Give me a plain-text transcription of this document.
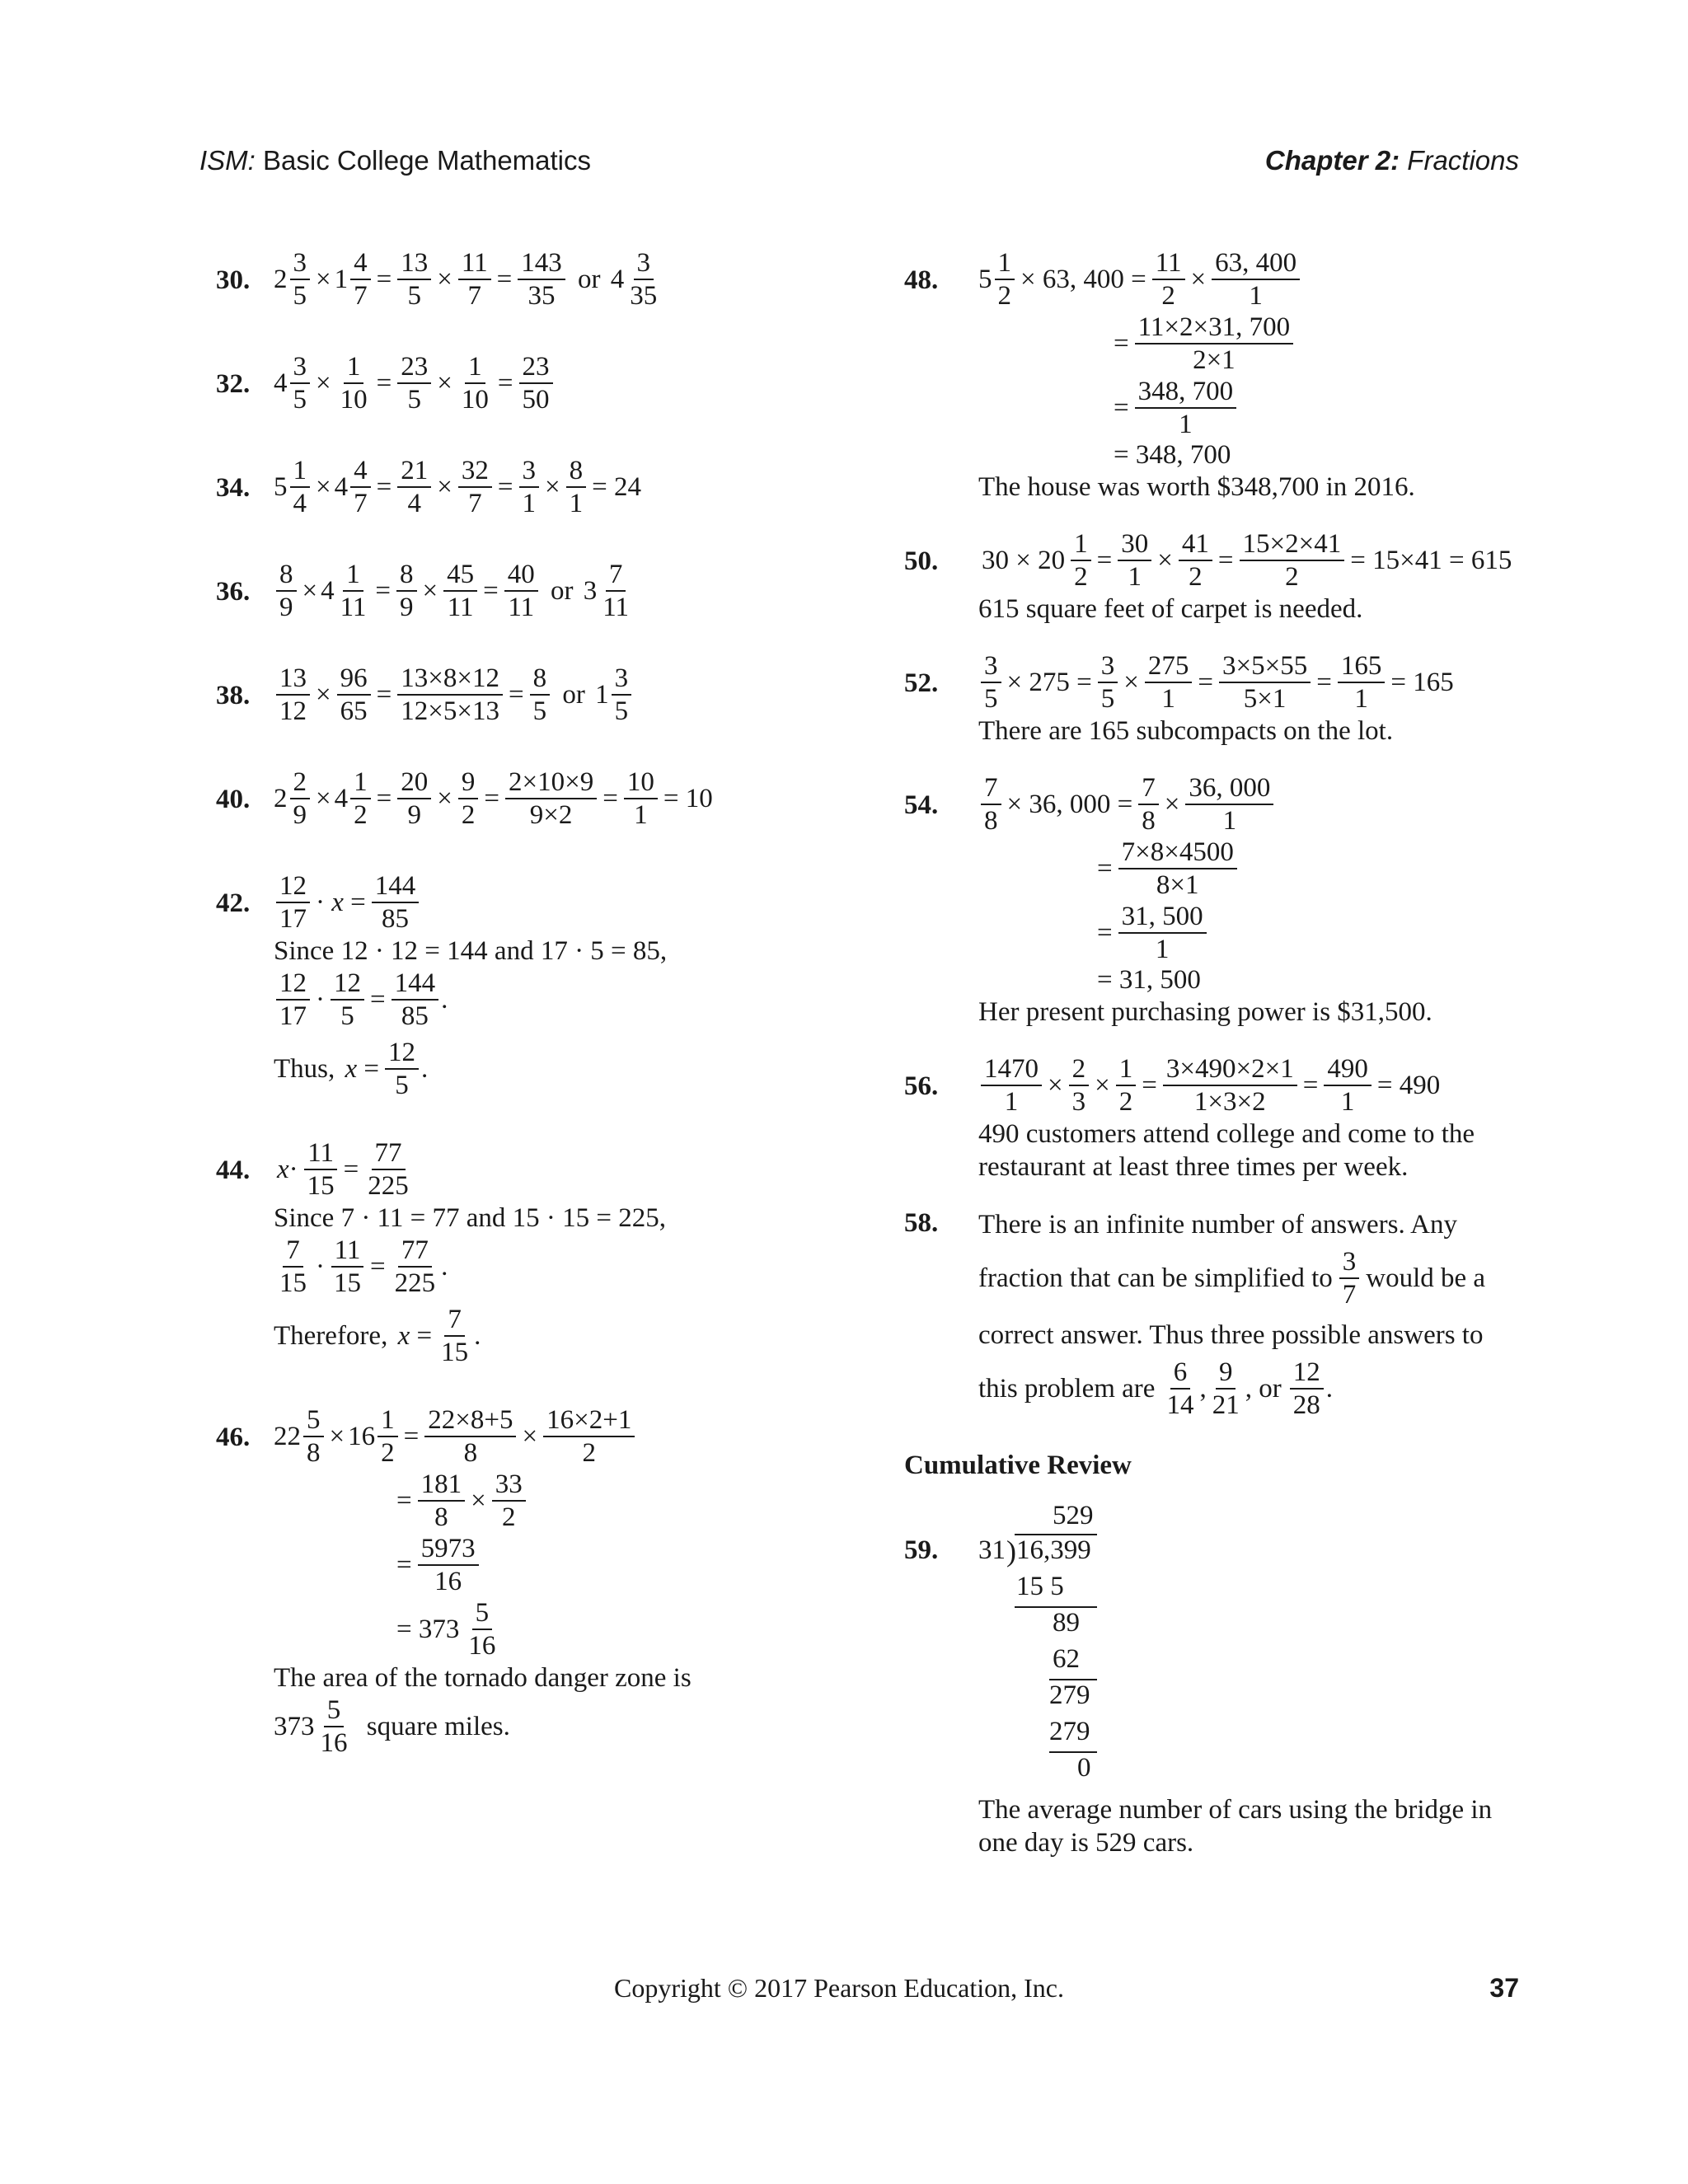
ISM: Basic College Mathematics	Chapter 2: Fractions
30. 2
3
5
× 1
4
7
= $\frac{13}{5} \times \frac{11}{7} = \frac{143}{35}$ or 4
3
35
32. 4
3
5
× $\frac{1}{10} = \frac{23}{5} \times \frac{1}{10} = \frac{23}{50}$
34. 5
1
4
× 4
4
7
= $\frac{21}{4} \times \frac{32}{7} = \frac{3}{1} \times \frac{8}{1} = 24$
36. $\frac{8}{9} \times 4$
1
11
= $\frac{8}{9} \times \frac{45}{11} = \frac{40}{11}$ or 3
7
11
38. $\frac{13}{12} \times \frac{96}{65} = \frac{13\times 8\times 12}{12\times 5\times 13} = \frac{8}{5}$ or 1
3
5
40. 2
2
9
× 4
1
2
= $\frac{20}{9} \times \frac{9}{2} = \frac{2\times 10\times 9}{9\times 2} = \frac{10}{1} = 10$
42.
12
17
· $x = \frac{144}{85}$
Since 12 · 12 = 144 and 17 · 5 = 85,
12
17
· $\frac{12}{5} = \frac{144}{85}$ .
Thus, $x = \frac{12}{5}$ .
44. $x\cdot \frac{11}{15} = \frac{77}{225}$
Since 7 · 11 = 77 and 15 · 15 = 225,
7
15
· $\frac{11}{15} = \frac{77}{225}$ .
Therefore, $x = \frac{7}{15}$ .
46. 22
5
8
× 16
1
2
= $\frac{22\times 8+5}{8} \times \frac{16\times 2+1}{2}$
= $\frac{181}{8} \times \frac{33}{2}$
= $\frac{5973}{16}$
= 373
5
16
The area of the tornado danger zone is
373
5
16

square miles.
48. 5
1
2
× 63, $400 = \frac{11}{2} \times \frac{63, 400}{1}$
= $\frac{11\times 2\times 31, 700}{2\times 1}$
= $\frac{348, 700}{1}$
= 348, 700
The house was worth $348,700 in 2016.
50. $30 \times 20 \frac{1}{2} = \frac{30}{1} \times \frac{41}{2} = \frac{15\times 2\times 41}{2} = 15\times 41 = 615$
615 square feet of carpet is needed.
52. $\frac{3}{5} \times 275 = \frac{3}{5} \times \frac{275}{1} = \frac{3\times 5\times 55}{5\times 1} = \frac{165}{1} = 165$
There are 165 subcompacts on the lot.
54. $\frac{7}{8} \times 36$, $000 = \frac{7}{8} \times \frac{36, 000}{1}$
= $\frac{7\times 8\times 4500}{8\times 1}$
= $\frac{31, 500}{1}$
= 31, 500
Her present purchasing power is $31,500.
56. $\frac{1470}{1} \times \frac{2}{3} \times \frac{1}{2} = \frac{3\times 490\times 2\times 1}{1\times 3\times 2} = \frac{490}{1} = 490$
490 customers attend college and come to the
restaurant at least three times per week.
58. There is an infinite number of answers. Any
fraction that can be simplified to
3
7
would be a
correct answer. Thus three possible answers to
this problem are
6
14
,
9
21
, or
12
28
.
Cumulative Review
59.
529
31 ) 16,399
15 5
89
62
279
279
0
The average number of cars using the bridge in
one day is 529 cars.
Copyright © 2017 Pearson Education, Inc.	37
